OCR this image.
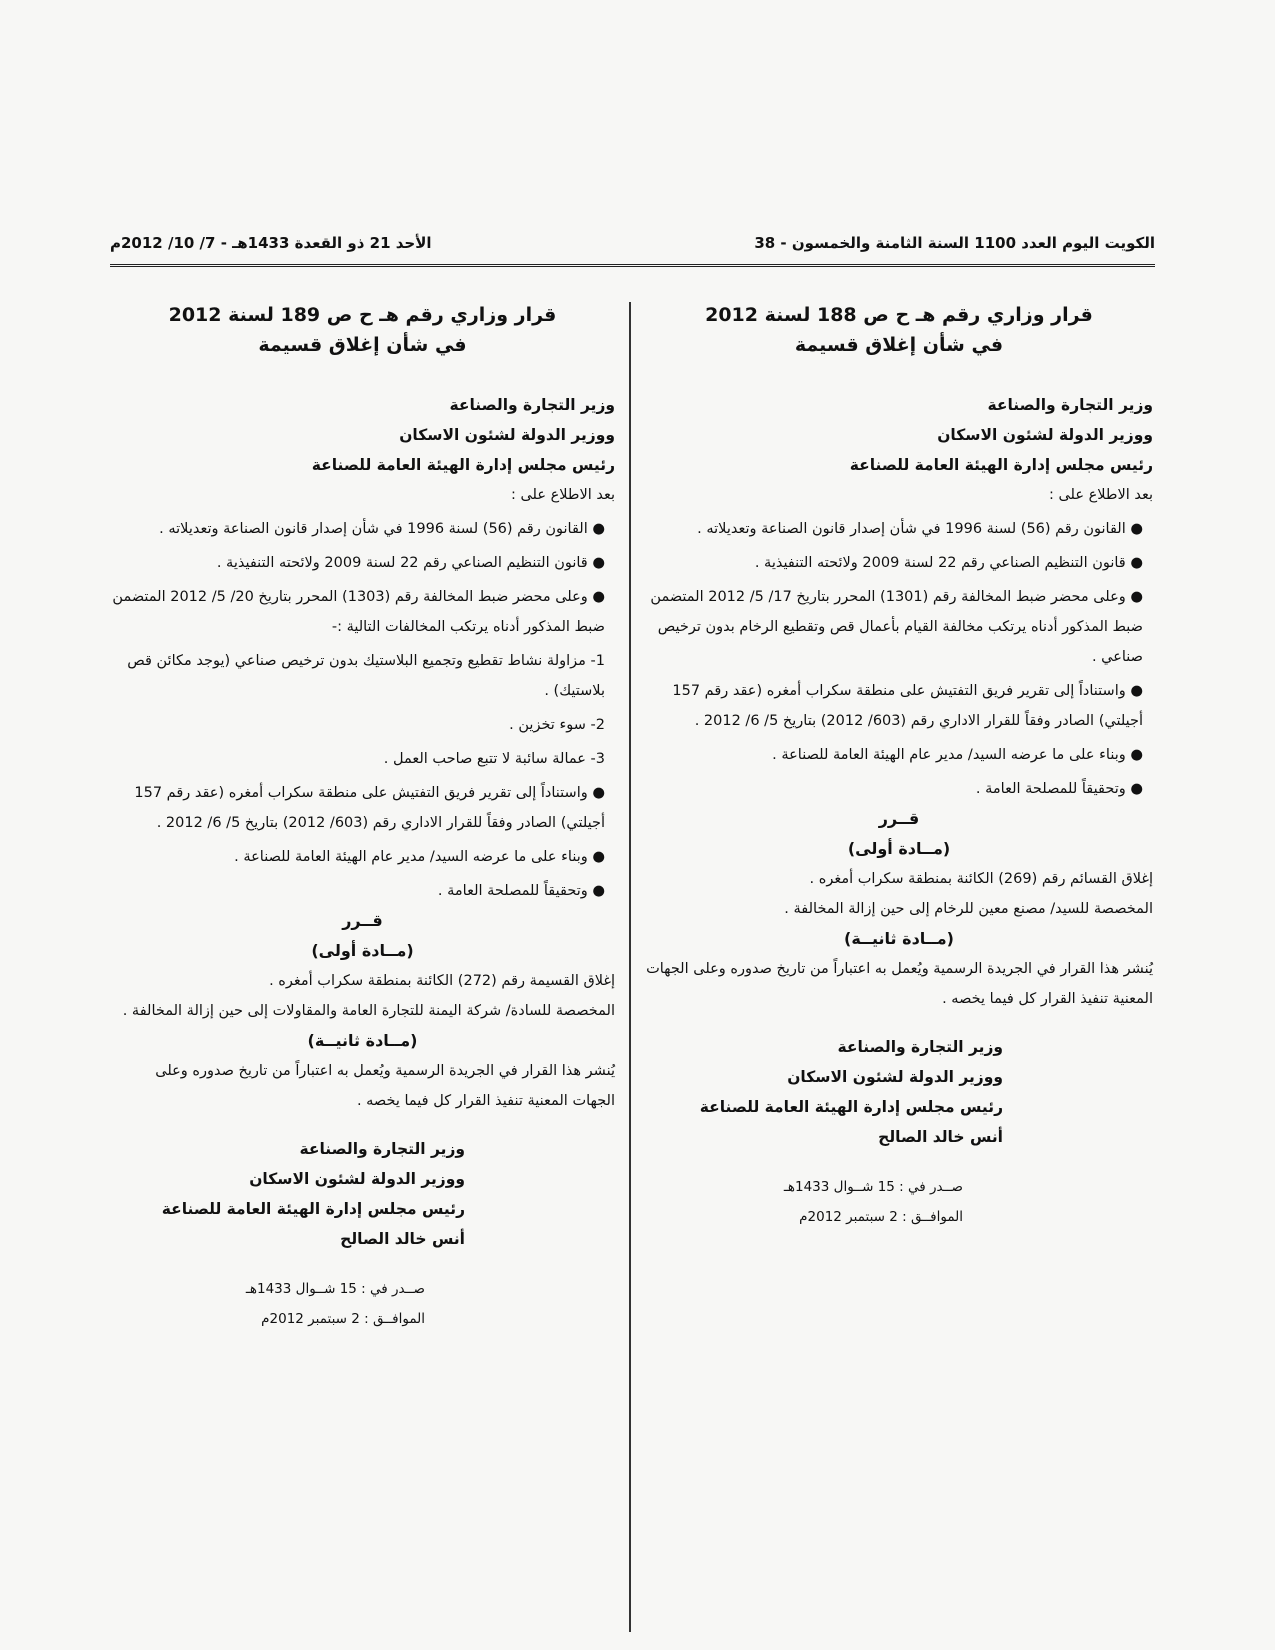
الكويت اليوم العدد 1100 السنة الثامنة والخمسون - 38
الأحد 21 ذو القعدة 1433هـ - 7/ 10/ 2012م

قرار وزاري رقم هـ ح ص 188 لسنة 2012

في شأن إغلاق قسيمة

وزير التجارة والصناعة

ووزير الدولة لشئون الاسكان

رئيس مجلس إدارة الهيئة العامة للصناعة

بعد الاطلاع على :

● القانون رقم (56) لسنة 1996 في شأن إصدار قانون الصناعة وتعديلاته .

● قانون التنظيم الصناعي رقم 22 لسنة 2009 ولائحته التنفيذية .

● وعلى محضر ضبط المخالفة رقم (1301) المحرر بتاريخ 17/ 5/ 2012 المتضمن ضبط المذكور أدناه يرتكب مخالفة القيام بأعمال قص وتقطيع الرخام بدون ترخيص صناعي .

● واستناداً إلى تقرير فريق التفتيش على منطقة سكراب أمغره (عقد رقم 157 أجيلتي) الصادر وفقاً للقرار الاداري رقم (603/ 2012) بتاريخ 5/ 6/ 2012 .

● وبناء على ما عرضه السيد/ مدير عام الهيئة العامة للصناعة .

● وتحقيقاً للمصلحة العامة .

قــرر

(مــادة أولى)

إغلاق القسائم رقم (269) الكائنة بمنطقة سكراب أمغره .

المخصصة للسيد/ مصنع معين للرخام إلى حين إزالة المخالفة .

(مــادة ثانيــة)

يُنشر هذا القرار في الجريدة الرسمية ويُعمل به اعتباراً من تاريخ صدوره وعلى الجهات المعنية تنفيذ القرار كل فيما يخصه .

وزير التجارة والصناعة

ووزير الدولة لشئون الاسكان

رئيس مجلس إدارة الهيئة العامة للصناعة

أنس خالد الصالح

صــدر في : 15 شــوال 1433هـ

الموافــق : 2 سبتمبر 2012م

قرار وزاري رقم هـ ح ص 189 لسنة 2012

في شأن إغلاق قسيمة

وزير التجارة والصناعة

ووزير الدولة لشئون الاسكان

رئيس مجلس إدارة الهيئة العامة للصناعة

بعد الاطلاع على :

● القانون رقم (56) لسنة 1996 في شأن إصدار قانون الصناعة وتعديلاته .

● قانون التنظيم الصناعي رقم 22 لسنة 2009 ولائحته التنفيذية .

● وعلى محضر ضبط المخالفة رقم (1303) المحرر بتاريخ 20/ 5/ 2012 المتضمن ضبط المذكور أدناه يرتكب المخالفات التالية :-

1- مزاولة نشاط تقطيع وتجميع البلاستيك بدون ترخيص صناعي (يوجد مكائن قص بلاستيك) .

2- سوء تخزين .

3- عمالة سائبة لا تتبع صاحب العمل .

● واستناداً إلى تقرير فريق التفتيش على منطقة سكراب أمغره (عقد رقم 157 أجيلتي) الصادر وفقاً للقرار الاداري رقم (603/ 2012) بتاريخ 5/ 6/ 2012 .

● وبناء على ما عرضه السيد/ مدير عام الهيئة العامة للصناعة .

● وتحقيقاً للمصلحة العامة .

قــرر

(مــادة أولى)

إغلاق القسيمة رقم (272) الكائنة بمنطقة سكراب أمغره .

المخصصة للسادة/ شركة اليمنة للتجارة العامة والمقاولات إلى حين إزالة المخالفة .

(مــادة ثانيــة)

يُنشر هذا القرار في الجريدة الرسمية ويُعمل به اعتباراً من تاريخ صدوره وعلى الجهات المعنية تنفيذ القرار كل فيما يخصه .

وزير التجارة والصناعة

ووزير الدولة لشئون الاسكان

رئيس مجلس إدارة الهيئة العامة للصناعة

أنس خالد الصالح

صــدر في : 15 شــوال 1433هـ

الموافــق : 2 سبتمبر 2012م
